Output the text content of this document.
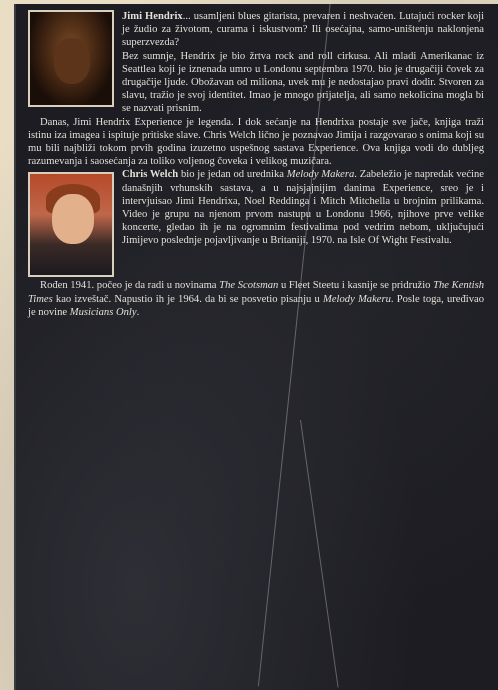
Jimi Hendrix... usamljeni blues gitarista, prevaren i neshvaćen. Lutajući rocker koji je žudio za životom, curama i iskustvom? Ili osećajna, samo-uništenju naklonjena superzvezda?

Bez sumnje, Hendrix je bio žrtva rock and roll cirkusa. Ali mladi Amerikanac iz Seattlea koji je iznenada umro u Londonu septembra 1970. bio je drugačiji čovek za drugačije ljude. Obožavan od miliona, uvek mu je nedostajao pravi dodir. Stvoren za slavu, tražio je svoj identitet. Imao je mnogo prijatelja, ali samo nekolicina mogla bi se nazvati prisnim.

Danas, Jimi Hendrix Experience je legenda. I dok sećanje na Hendrixa postaje sve jače, knjiga traži istinu iza imagea i ispituje pritiske slave. Chris Welch lično je poznavao Jimija i razgovarao s onima koji su mu bili najbliži tokom prvih godina izuzetno uspešnog sastava Experience. Ova knjiga vodi do dubljeg razumevanja i saosećanja za toliko voljenog čoveka i velikog muzičara.

Chris Welch bio je jedan od urednika Melody Makera. Zabeležio je napredak većine današnjih vrhunskih sastava, a u najsjajnijim danima Experience, sreo je i intervjuisao Jimi Hendrixa, Noel Reddinga i Mitch Mitchella u brojnim prilikama. Video je grupu na njenom prvom nastupu u Londonu 1966, njihove prve velike koncerte, gledao ih je na ogromnim festivalima pod vedrim nebom, uključujući Jimijevo poslednje pojavljivanje u Britaniji, 1970. na Isle Of Wight Festivalu.

Rođen 1941. počeo je da radi u novinama The Scotsman u Fleet Steetu i kasnije se pridružio The Kentish Times kao izveštač. Napustio ih je 1964. da bi se posvetio pisanju u Melody Makeru. Posle toga, uređivao je novine Musicians Only.
